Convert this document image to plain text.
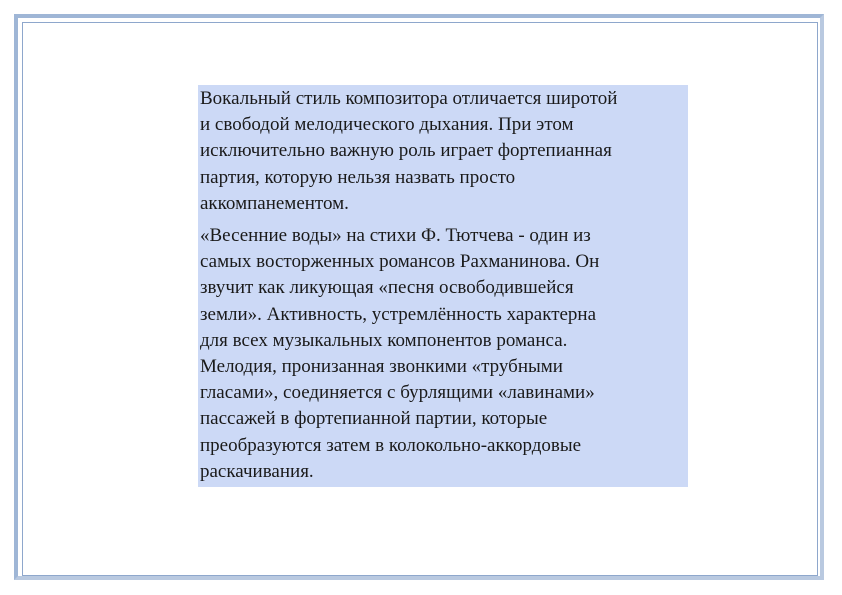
Вокальный стиль композитора отличается широтой
и свободой мелодического дыхания. При этом
исключительно важную роль играет фортепианная
партия, которую нельзя назвать просто
аккомпанементом.

«Весенние воды» на стихи Ф. Тютчева - один из
самых восторженных романсов Рахманинова. Он
звучит как ликующая «песня освободившейся
земли». Активность, устремлённость характерна
для всех музыкальных компонентов романса.
Мелодия, пронизанная звонкими «трубными
гласами», соединяется с бурлящими «лавинами»
пассажей в фортепианной партии, которые
преобразуются затем в колокольно-аккордовые
раскачивания.
